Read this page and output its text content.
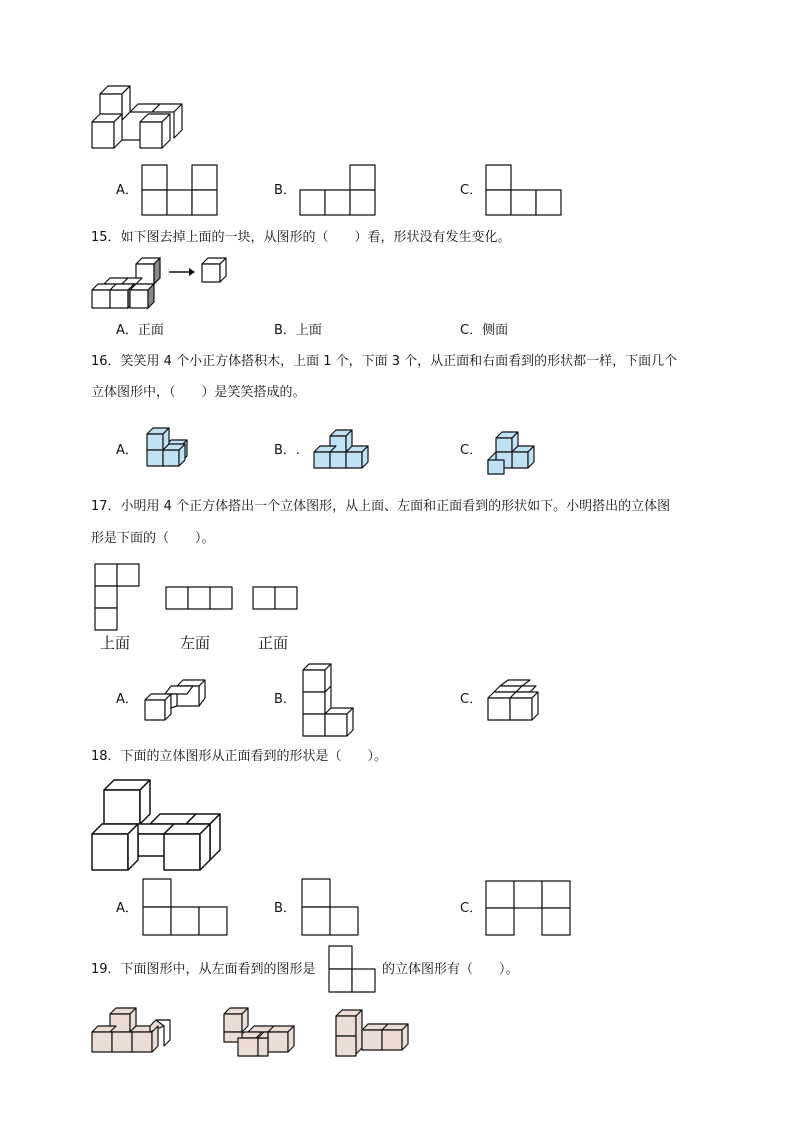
A．	B．	C．
15．如下图去掉上面的一块，从图形的（　　）看，形状没有发生变化。
A．正面	B．上面	C．侧面
16．笑笑用 4 个小正方体搭积木，上面 1 个，下面 3 个，从正面和右面看到的形状都一样，下面几个
立体图形中，（　　）是笑笑搭成的。
A．	B．.	C．
17．小明用 4 个正方体搭出一个立体图形，从上面、左面和正面看到的形状如下。小明搭出的立体图
形是下面的（　　）。
上面	左面	正面
A．	B．	C．
18．下面的立体图形从正面看到的形状是（　　）。
A．	B．	C．
19．下面图形中，从左面看到的图形是	的立体图形有（　　）。
